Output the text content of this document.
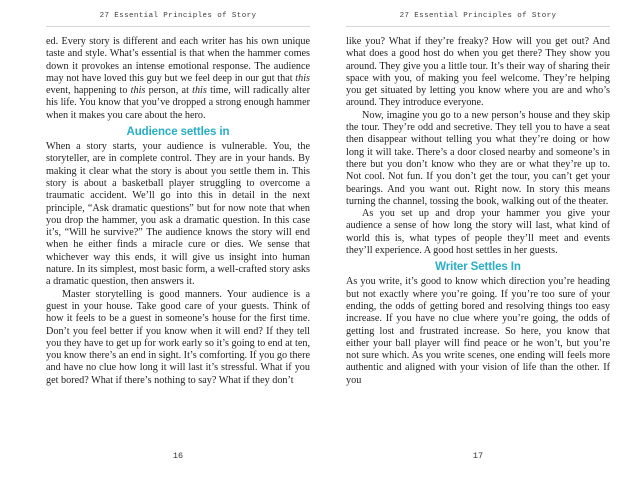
27 Essential Principles of Story

ed. Every story is different and each writer has his own unique taste and style. What’s essential is that when the hammer comes down it provokes an intense emotional response. The audience may not have loved this guy but we feel deep in our gut that this event, happening to this person, at this time, will radically alter his life. You know that you’ve dropped a strong enough hammer when it makes you care about the hero.

Audience settles in

When a story starts, your audience is vulnerable. You, the storyteller, are in complete control. They are in your hands. By making it clear what the story is about you settle them in. This story is about a basketball player struggling to overcome a traumatic accident. We’ll go into this in detail in the next principle, “Ask dramatic questions” but for now note that when you drop the hammer, you ask a dramatic question. In this case it’s, “Will he survive?” The audience knows the story will end when he either finds a miracle cure or dies. We sense that whichever way this ends, it will give us insight into human nature. In its simplest, most basic form, a well-crafted story asks a dramatic question, then answers it.

Master storytelling is good manners. Your audience is a guest in your house. Take good care of your guests. Think of how it feels to be a guest in someone’s house for the first time. Don’t you feel better if you know when it will end? If they tell you they have to get up for work early so it’s going to end at ten, you know there’s an end in sight. It’s comforting. If you go there and have no clue how long it will last it’s stressful. What if you get bored? What if there’s nothing to say? What if they don’t

16
27 Essential Principles of Story

like you? What if they’re freaky? How will you get out? And what does a good host do when you get there? They show you around. They give you a little tour. It’s their way of sharing their space with you, of making you feel welcome. They’re helping you get situated by letting you know where you are and who’s around. They introduce everyone.

Now, imagine you go to a new person’s house and they skip the tour. They’re odd and secretive. They tell you to have a seat then disappear without telling you what they’re doing or how long it will take. There’s a door closed nearby and someone’s in there but you don’t know who they are or what they’re up to. Not cool. Not fun. If you don’t get the tour, you can’t get your bearings. And you want out. Right now. In story this means turning the channel, tossing the book, walking out of the theater.

As you set up and drop your hammer you give your audience a sense of how long the story will last, what kind of world this is, what types of people they’ll meet and events they’ll experience. A good host settles in her guests.

Writer Settles In

As you write, it’s good to know which direction you’re heading but not exactly where you’re going. If you’re too sure of your ending, the odds of getting bored and resolving things too easy increase. If you have no clue where you’re going, the odds of getting lost and frustrated increase. So here, you know that either your ball player will find peace or he won’t, but you’re not sure which. As you write scenes, one ending will feels more authentic and aligned with your vision of life than the other. If you

17
